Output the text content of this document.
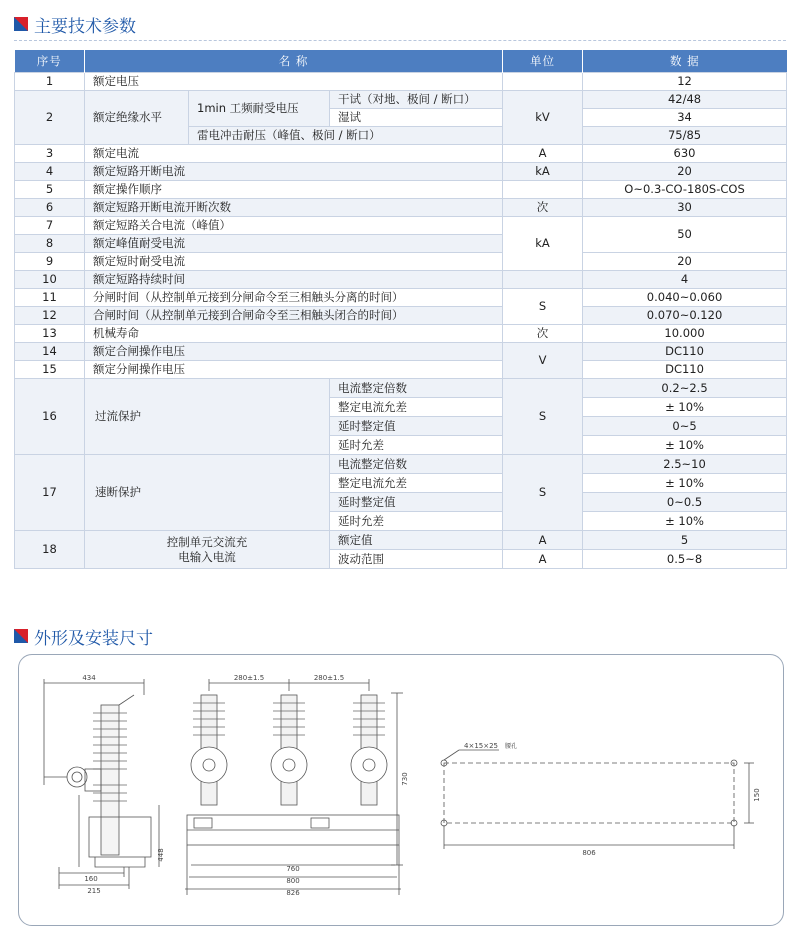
主要技术参数
序号	名 称			单位	数 据
1	额定电压				12
2	额定绝缘水平	1min 工频耐受电压	干试（对地、极间 / 断口）	kV	42/48
			湿试		34
		雷电冲击耐压（峰值、极间 / 断口）			75/85
3	额定电流			A	630
4	额定短路开断电流			kA	20
5	额定操作顺序				O~0.3-CO-180S-COS
6	额定短路开断电流开断次数			次	30
7	额定短路关合电流（峰值）			kA	50
8	额定峰值耐受电流				
9	额定短时耐受电流				20
10	额定短路持续时间				4
11	分闸时间（从控制单元接到分闸命令至三相触头分离的时间）			S	0.040~0.060
12	合闸时间（从控制单元接到合闸命令至三相触头闭合的时间）				0.070~0.120
13	机械寿命			次	10.000
14	额定合闸操作电压			V	DC110
15	额定分闸操作电压				DC110
16	过流保护		电流整定倍数	S	0.2~2.5
			整定电流允差		± 10%
			延时整定值		0~5
			延时允差		± 10%
17	速断保护		电流整定倍数	S	2.5~10
			整定电流允差		± 10%
			延时整定值		0~0.5
			延时允差		± 10%
18	控制单元交流充
电输入电流		额定值	A	5
			波动范围	A	0.5~8
外形及安装尺寸
434
448
160
215
280±1.5	280±1.5
730
760
800
826
4×15×25 腰孔
150
806
